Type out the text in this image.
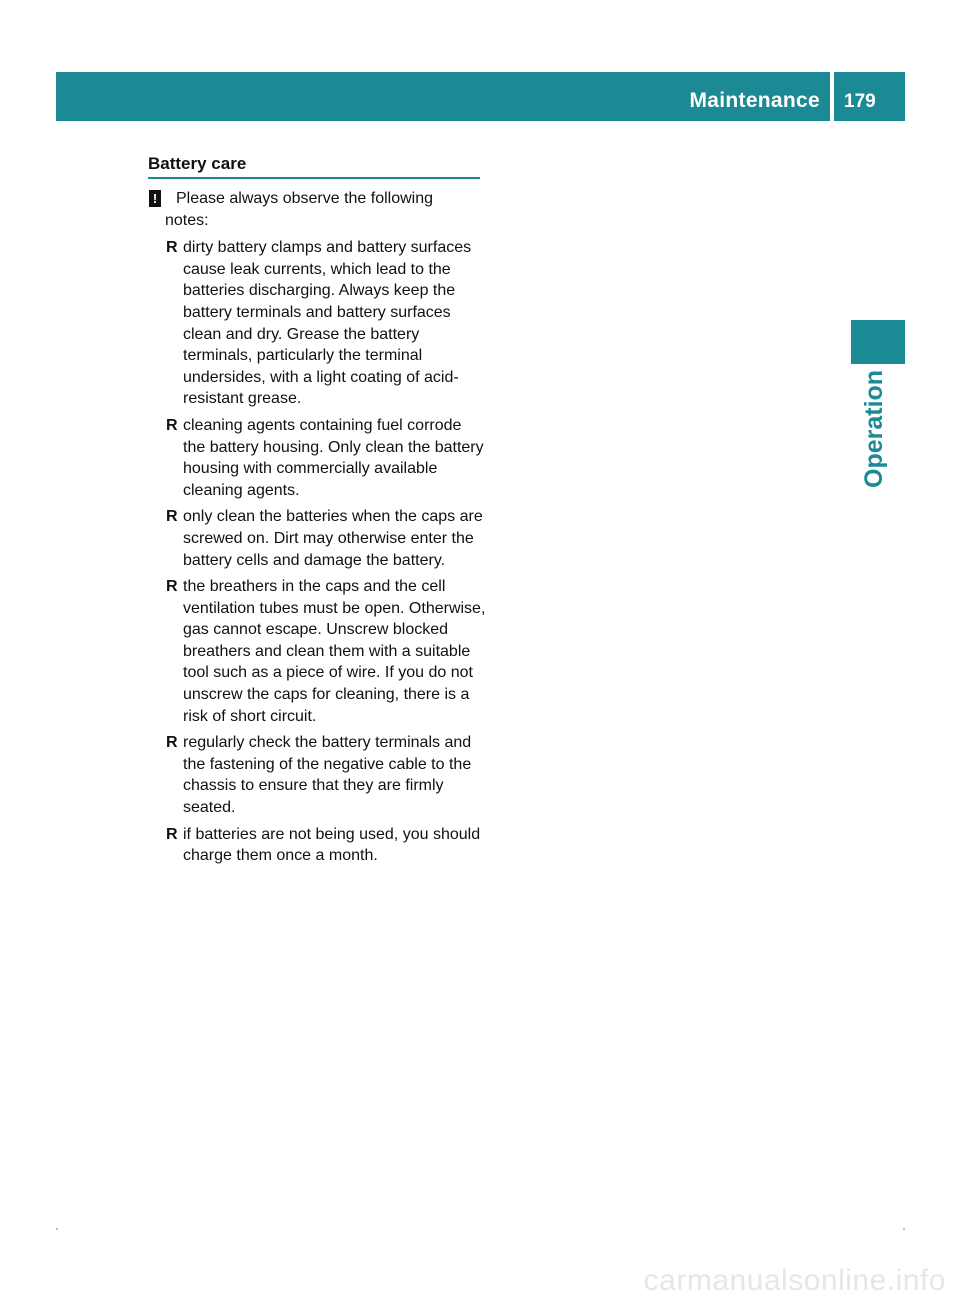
Maintenance 179
Operation
Battery care
!	Please always observe the following
notes:

R dirty battery clamps and battery surfaces cause leak currents, which lead to the batteries discharging. Always keep the battery terminals and battery surfaces clean and dry. Grease the battery terminals, particularly the terminal undersides, with a light coating of acid-resistant grease.
R cleaning agents containing fuel corrode the battery housing. Only clean the battery housing with commercially available cleaning agents.
R only clean the batteries when the caps are screwed on. Dirt may otherwise enter the battery cells and damage the battery.
R the breathers in the caps and the cell ventilation tubes must be open. Otherwise, gas cannot escape. Unscrew blocked breathers and clean them with a suitable tool such as a piece of wire. If you do not unscrew the caps for cleaning, there is a risk of short circuit.
R regularly check the battery terminals and the fastening of the negative cable to the chassis to ensure that they are firmly seated.
R if batteries are not being used, you should charge them once a month.
carmanualsonline.info
